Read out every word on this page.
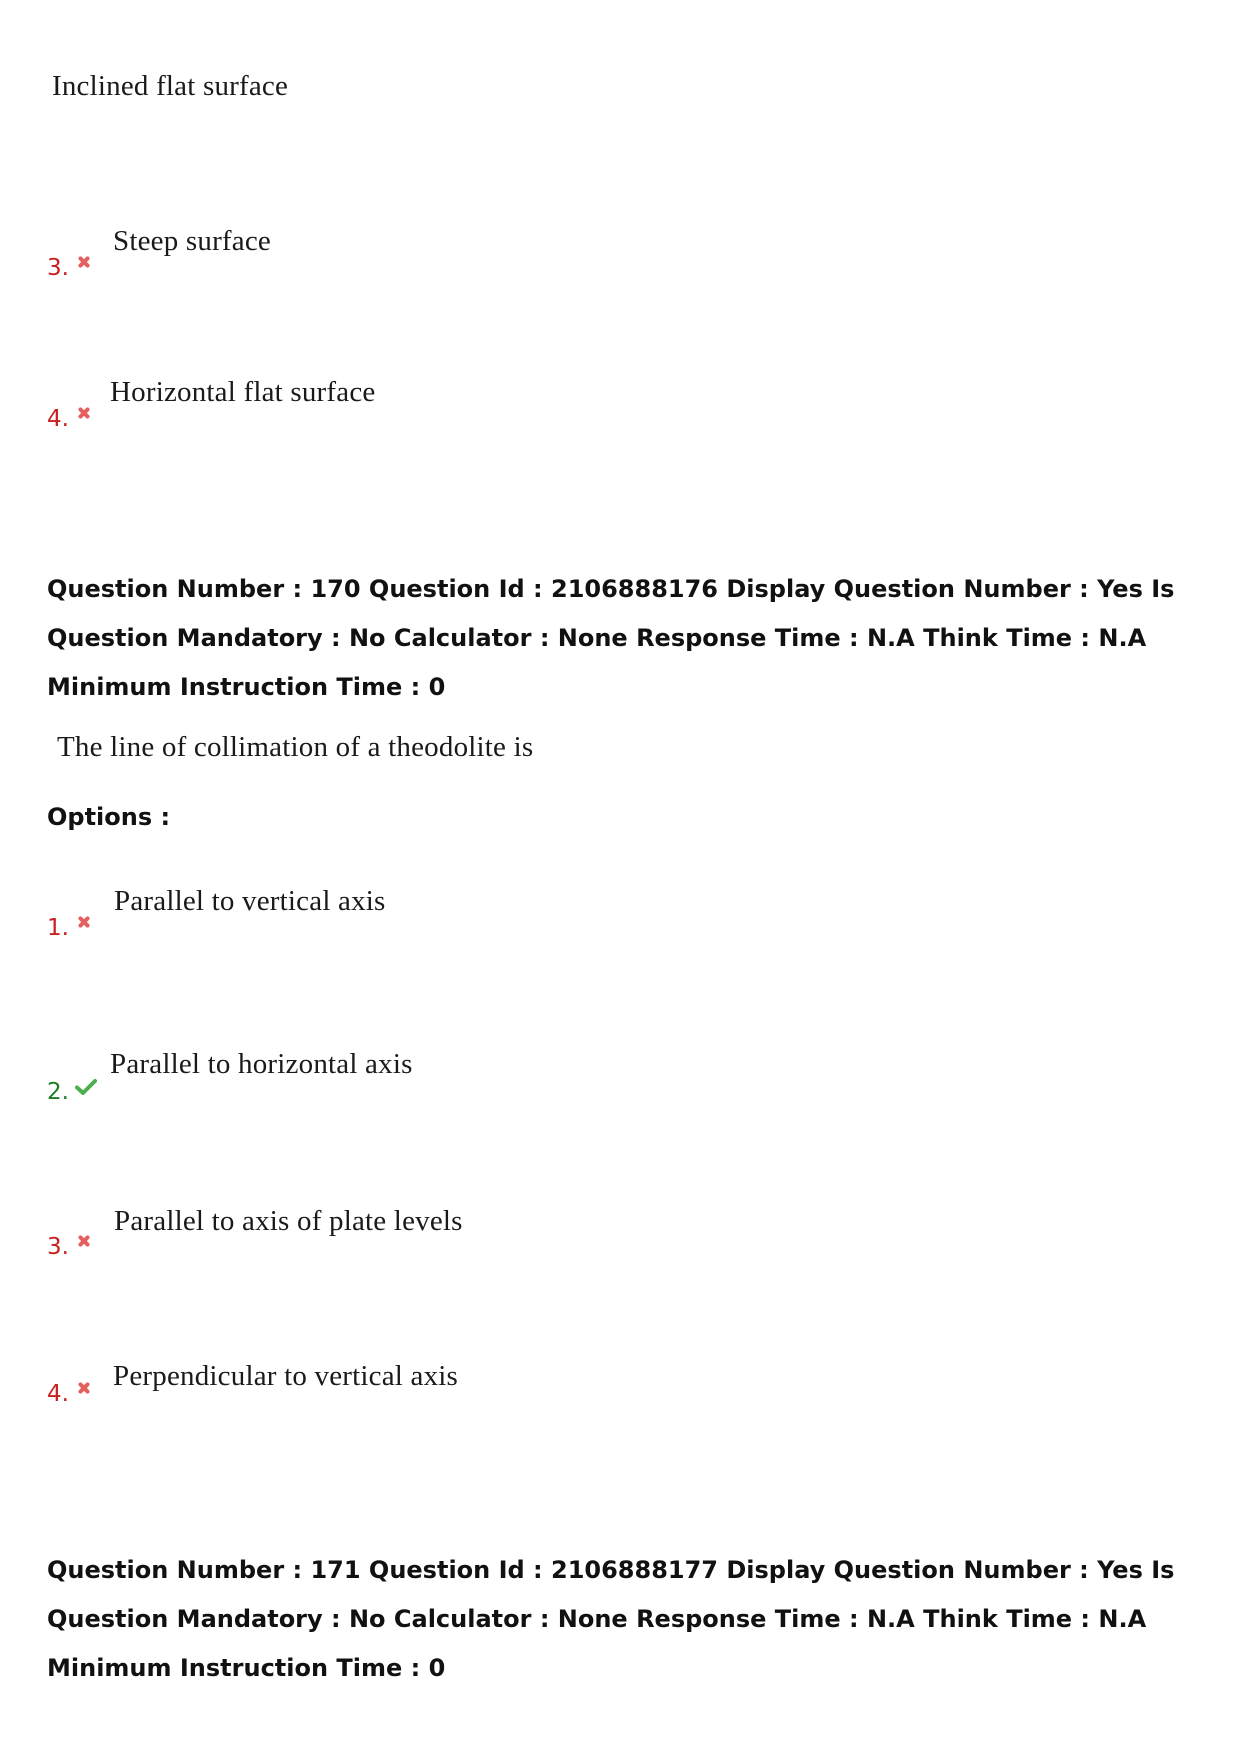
Inclined flat surface
3.
Steep surface
4.
Horizontal flat surface
Question Number : 170 Question Id : 2106888176 Display Question Number : Yes Is Question Mandatory : No Calculator : None Response Time : N.A Think Time : N.A Minimum Instruction Time : 0
The line of collimation of a theodolite is
Options :
1.
Parallel to vertical axis
2.
Parallel to horizontal axis
3.
Parallel to axis of plate levels
4.
Perpendicular to vertical axis
Question Number : 171 Question Id : 2106888177 Display Question Number : Yes Is Question Mandatory : No Calculator : None Response Time : N.A Think Time : N.A Minimum Instruction Time : 0
